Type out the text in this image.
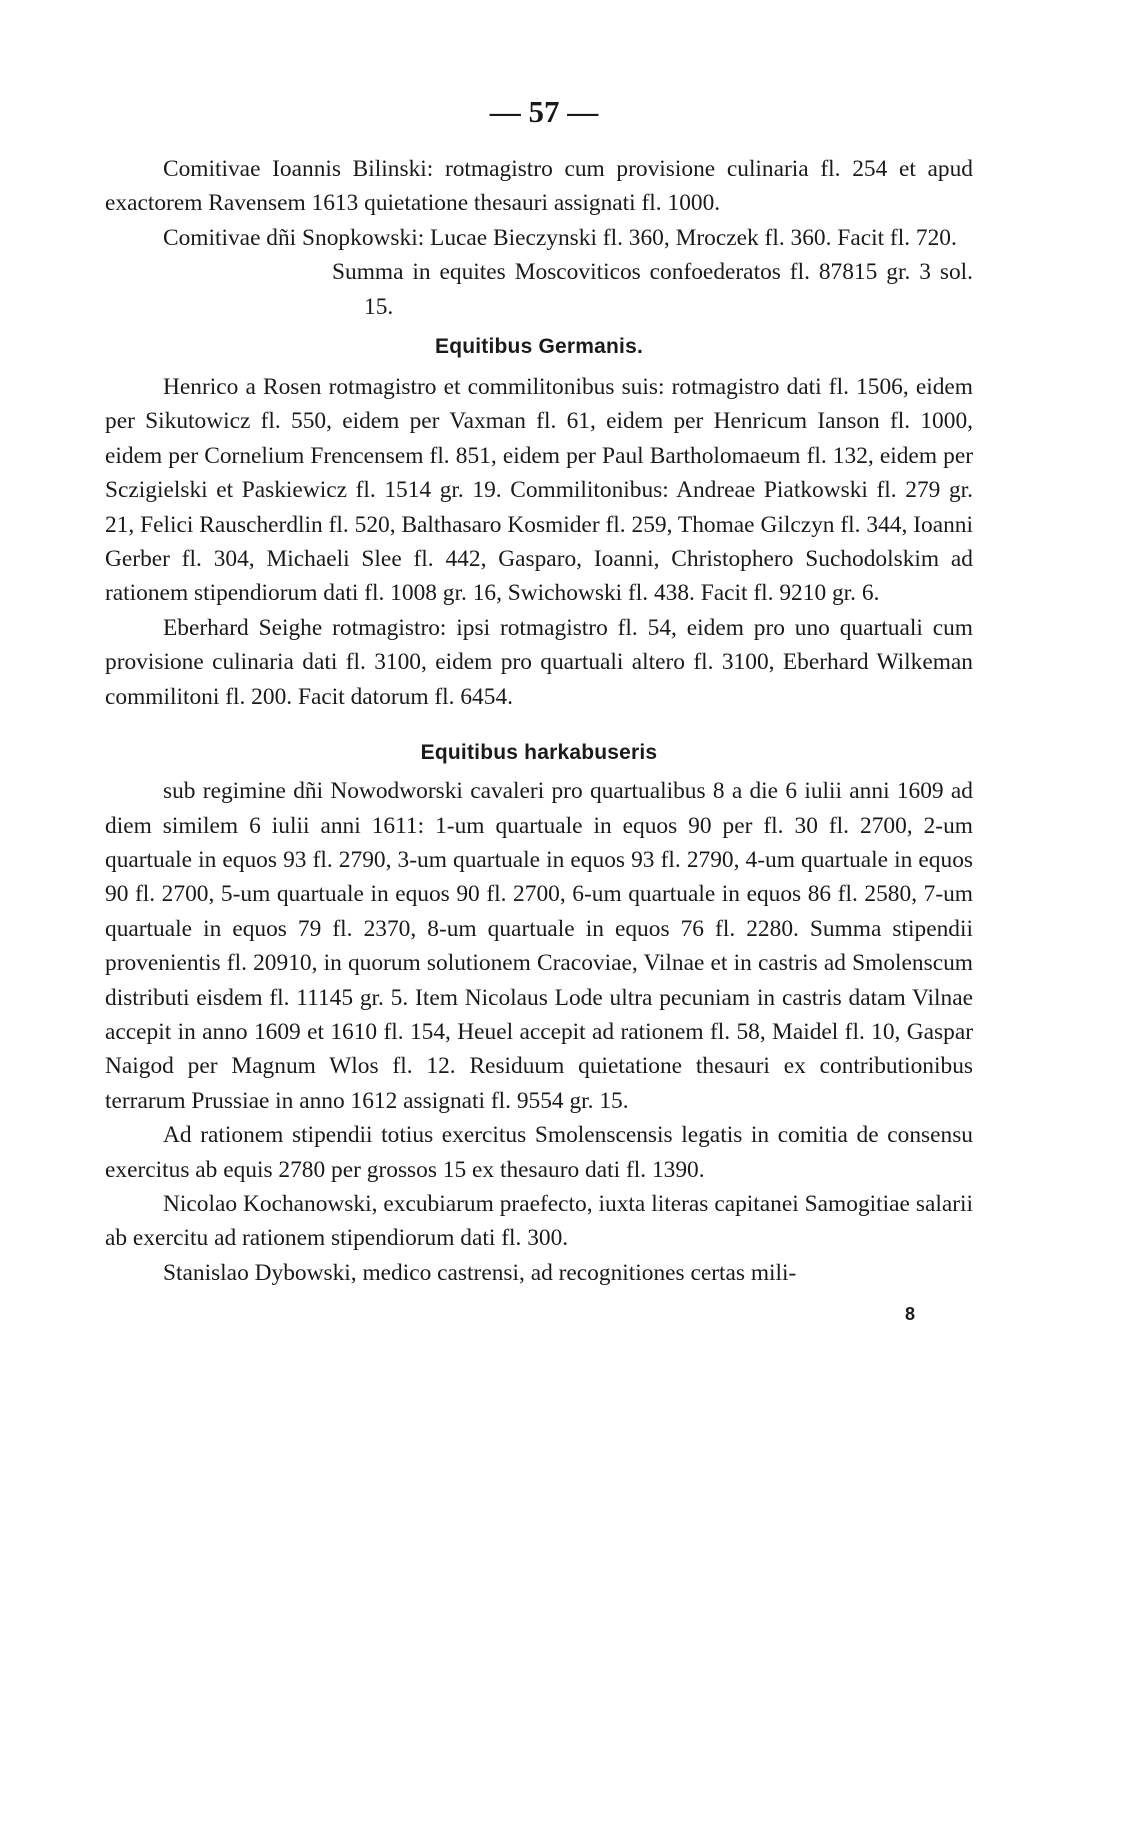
— 57 —

Comitivae Ioannis Bilinski: rotmagistro cum provisione culinaria fl. 254 et apud exactorem Ravensem 1613 quietatione thesauri assignati fl. 1000.

Comitivae dñi Snopkowski: Lucae Bieczynski fl. 360, Mroczek fl. 360. Facit fl. 720.

Summa in equites Moscoviticos confoederatos fl. 87815 gr. 3 sol. 15.
Equitibus Germanis.

Henrico a Rosen rotmagistro et commilitonibus suis: rotmagistro dati fl. 1506, eidem per Sikutowicz fl. 550, eidem per Vaxman fl. 61, eidem per Henricum Ianson fl. 1000, eidem per Cornelium Frencensem fl. 851, eidem per Paul Bartholomaeum fl. 132, eidem per Sczigielski et Paskiewicz fl. 1514 gr. 19. Commilitonibus: Andreae Piatkowski fl. 279 gr. 21, Felici Rauscherdlin fl. 520, Balthasaro Kosmider fl. 259, Thomae Gilczyn fl. 344, Ioanni Gerber fl. 304, Michaeli Slee fl. 442, Gasparo, Ioanni, Christophero Suchodolskim ad rationem stipendiorum dati fl. 1008 gr. 16, Swichowski fl. 438. Facit fl. 9210 gr. 6.

Eberhard Seighe rotmagistro: ipsi rotmagistro fl. 54, eidem pro uno quartuali cum provisione culinaria dati fl. 3100, eidem pro quartuali altero fl. 3100, Eberhard Wilkeman commilitoni fl. 200. Facit datorum fl. 6454.

Equitibus harkabuseris

sub regimine dñi Nowodworski cavaleri pro quartualibus 8 a die 6 iulii anni 1609 ad diem similem 6 iulii anni 1611: 1-um quartuale in equos 90 per fl. 30 fl. 2700, 2-um quartuale in equos 93 fl. 2790, 3-um quartuale in equos 93 fl. 2790, 4-um quartuale in equos 90 fl. 2700, 5-um quartuale in equos 90 fl. 2700, 6-um quartuale in equos 86 fl. 2580, 7-um quartuale in equos 79 fl. 2370, 8-um quartuale in equos 76 fl. 2280. Summa stipendii provenientis fl. 20910, in quorum solutionem Cracoviae, Vilnae et in castris ad Smolenscum distributi eisdem fl. 11145 gr. 5. Item Nicolaus Lode ultra pecuniam in castris datam Vilnae accepit in anno 1609 et 1610 fl. 154, Heuel accepit ad rationem fl. 58, Maidel fl. 10, Gaspar Naigod per Magnum Wlos fl. 12. Residuum quietatione thesauri ex contributionibus terrarum Prussiae in anno 1612 assignati fl. 9554 gr. 15.

Ad rationem stipendii totius exercitus Smolenscensis legatis in comitia de consensu exercitus ab equis 2780 per grossos 15 ex thesauro dati fl. 1390.

Nicolao Kochanowski, excubiarum praefecto, iuxta literas capitanei Samogitiae salarii ab exercitu ad rationem stipendiorum dati fl. 300.

Stanislao Dybowski, medico castrensi, ad recognitiones certas mili-

8
